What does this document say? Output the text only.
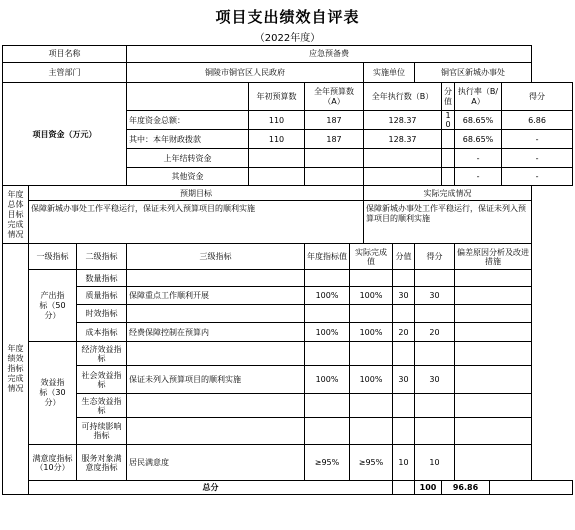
项目支出绩效自评表
（2022年度）
项目名称			应急预备费										
主管部门			铜陵市铜官区人民政府				实施单位		铜官区新城办事处				
项目资金（万元）				年初预算数	全年预算数（A）		全年执行数（B）			分值	执行率（B/A）		得分
			年度资金总额：	110	187		128.37			10	68.65%		6.86
			其中：本年财政拨款	110	187		128.37				68.65%		-
			上年结转资金								-		-
			其他资金								-		-
年度总体目标完成情况	预期目标						实际完成情况						
	保障新城办事处工作平稳运行，保证未列入预算项目的顺利实施						保障新城办事处工作平稳运行，保证未列入预算项目的顺利实施						
年度绩效指标完成情况	一级指标	二级指标	三级指标		年度指标值	实际完成值		分值	得分		偏差原因分析及改进措施		
	产出指标（50分）	数量指标											
		质量指标	保障重点工作顺利开展		100%	100%		30	30				
		时效指标											
		成本指标	经费保障控制在预算内		100%	100%		20	20				
	效益指标（30分）	经济效益指标											
		社会效益指标	保证未列入预算项目的顺利实施		100%	100%		30	30				
		生态效益指标											
		可持续影响指标											
	满意度指标（10分）	服务对象满意度指标	居民满意度		≥95%	≥95%		10	10				
	总分								100	96.86			
